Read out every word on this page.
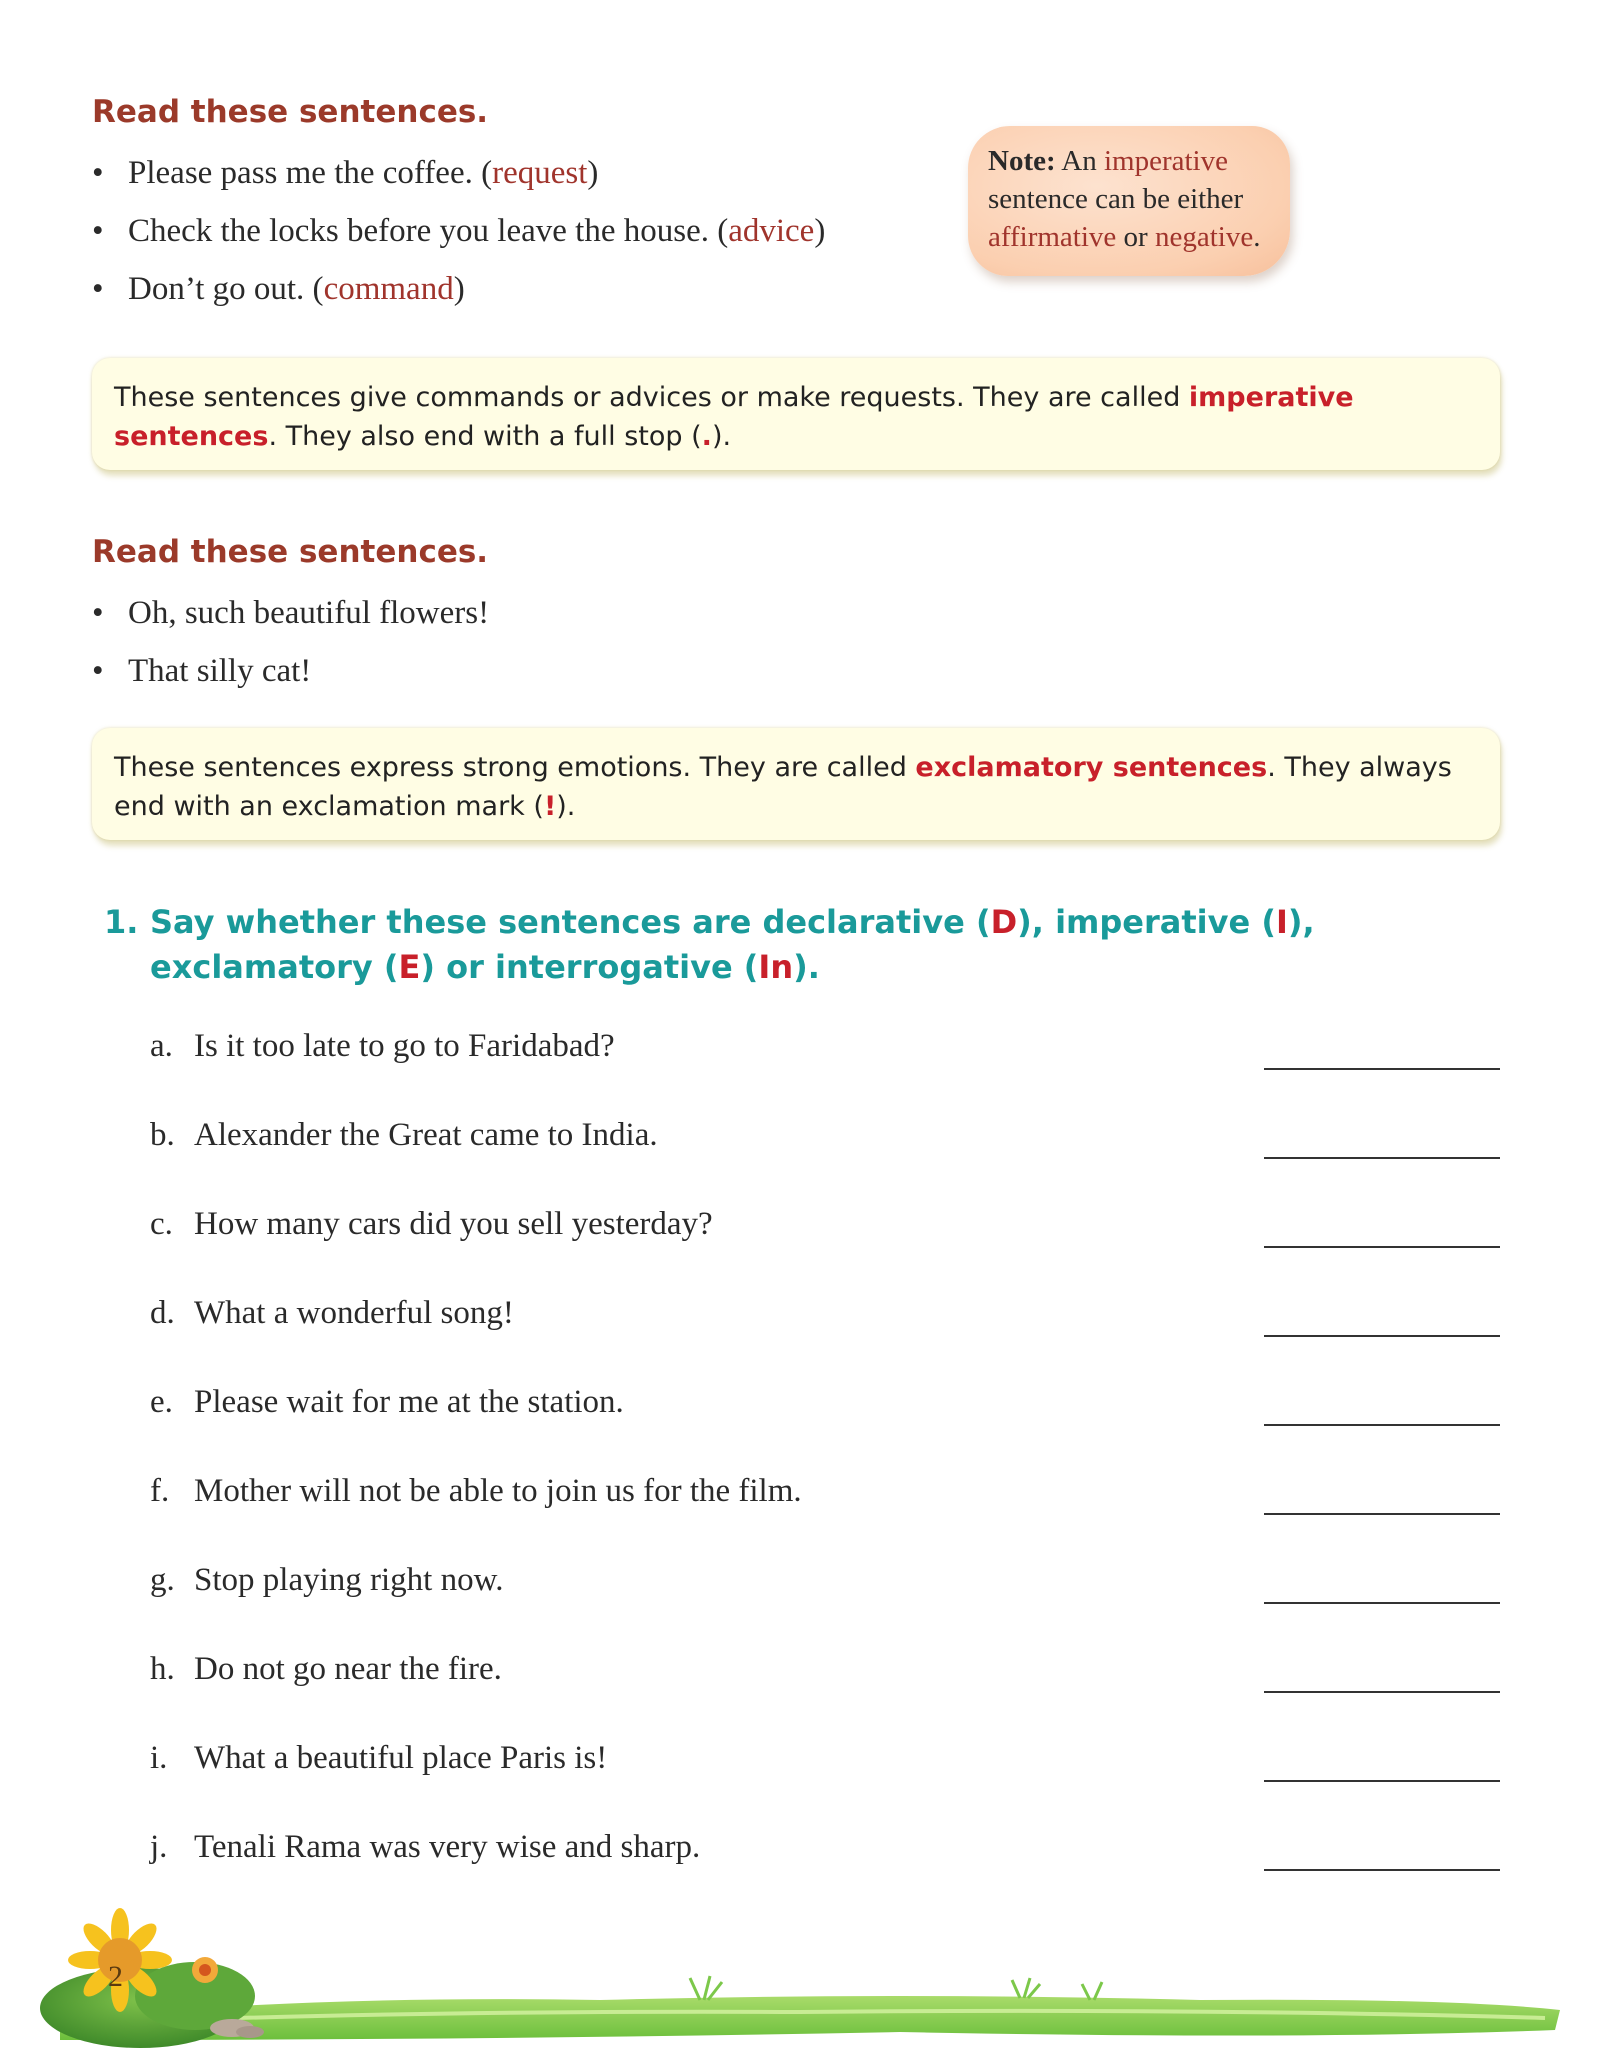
Read these sentences.
• Please pass me the coffee. (request)
• Check the locks before you leave the house. (advice)
• Don’t go out. (command)
Note: An imperative sentence can be either affirmative or negative.
These sentences give commands or advices or make requests. They are called imperative sentences. They also end with a full stop (.).
Read these sentences.
• Oh, such beautiful flowers!
• That silly cat!
These sentences express strong emotions. They are called exclamatory sentences. They always end with an exclamation mark (!).
1. Say whether these sentences are declarative (D), imperative (I), exclamatory (E) or interrogative (In).
a. Is it too late to go to Faridabad?
b. Alexander the Great came to India.
c. How many cars did you sell yesterday?
d. What a wonderful song!
e. Please wait for me at the station.
f. Mother will not be able to join us for the film.
g. Stop playing right now.
h. Do not go near the fire.
i. What a beautiful place Paris is!
j. Tenali Rama was very wise and sharp.
2
